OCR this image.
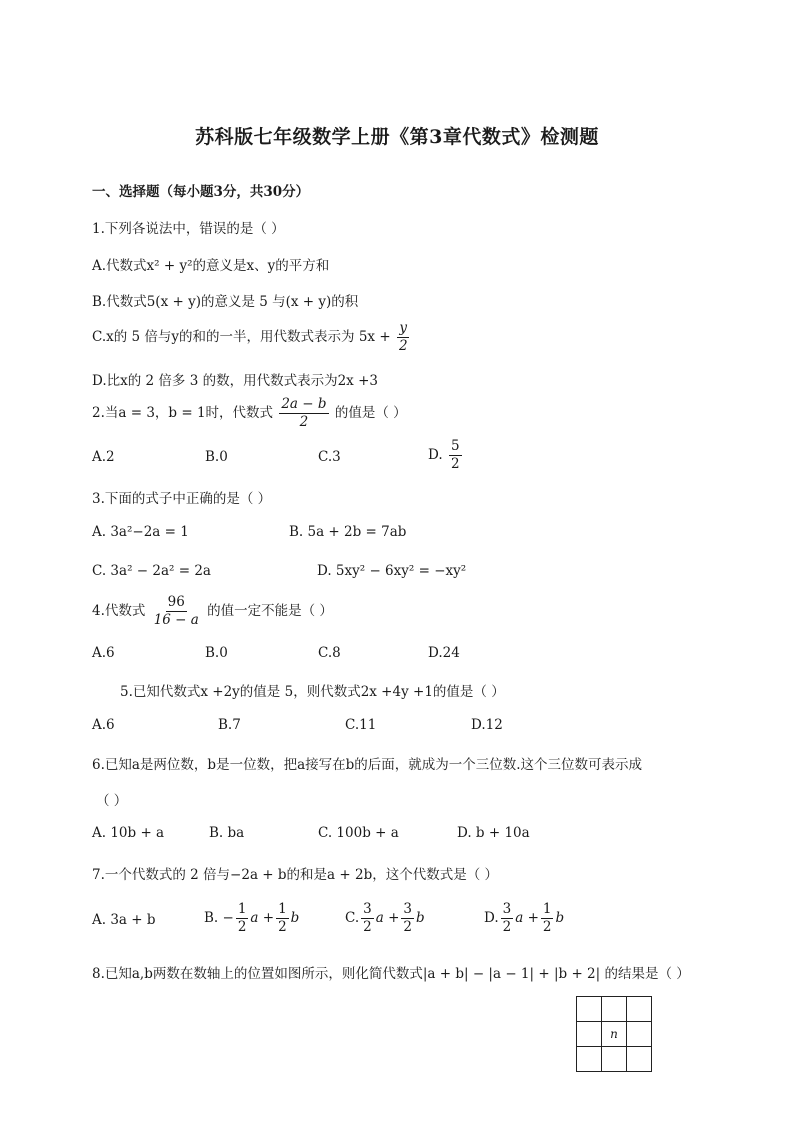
苏科版七年级数学上册《第3章代数式》检测题
一、选择题（每小题3分，共30分）
1.下列各说法中，错误的是（ ）
A.代数式x² + y²的意义是x、y的平方和
B.代数式5(x + y)的意义是 5 与(x + y)的积
C.x的 5 倍与y的和的一半，用代数式表示为 $5x + \frac{y}{2}$
D.比x的 2 倍多 3 的数，用代数式表示为2x +3
2.当a = 3，b = 1时，代数式 $\frac{2a - b}{2}$ 的值是（ ）
A.2	B.0	C.3	D. $\frac{5}{2}$
3.下面的式子中正确的是（ ）
A. 3a²−2a = 1	B. 5a + 2b = 7ab
C. 3a² − 2a² = 2a	D. 5xy² − 6xy² = −xy²
4.代数式 $\frac{96}{16 - a}$ 的值一定不能是（ ）
A.6	B.0	C.8	D.24
5.已知代数式x +2y的值是 5，则代数式2x +4y +1的值是（ ）
A.6	B.7	C.11	D.12
6.已知a是两位数，b是一位数，把a接写在b的后面，就成为一个三位数.这个三位数可表示成
（ ）
A. 10b + a	B. ba	C. 100b + a	D. b + 10a
7.一个代数式的 2 倍与−2a + b的和是a + 2b，这个代数式是（ ）
A. 3a + b	B. − $\frac{1}{2}$ $a + \frac{1}{2}$ b	C. $\frac{3}{2}$ $a + \frac{3}{2}$ b	D. $\frac{3}{2}$ $a + \frac{1}{2}$ b
8.已知a,b两数在数轴上的位置如图所示，则化简代数式|a + b| − |a − 1| + |b + 2| 的结果是（ ）

	n	
